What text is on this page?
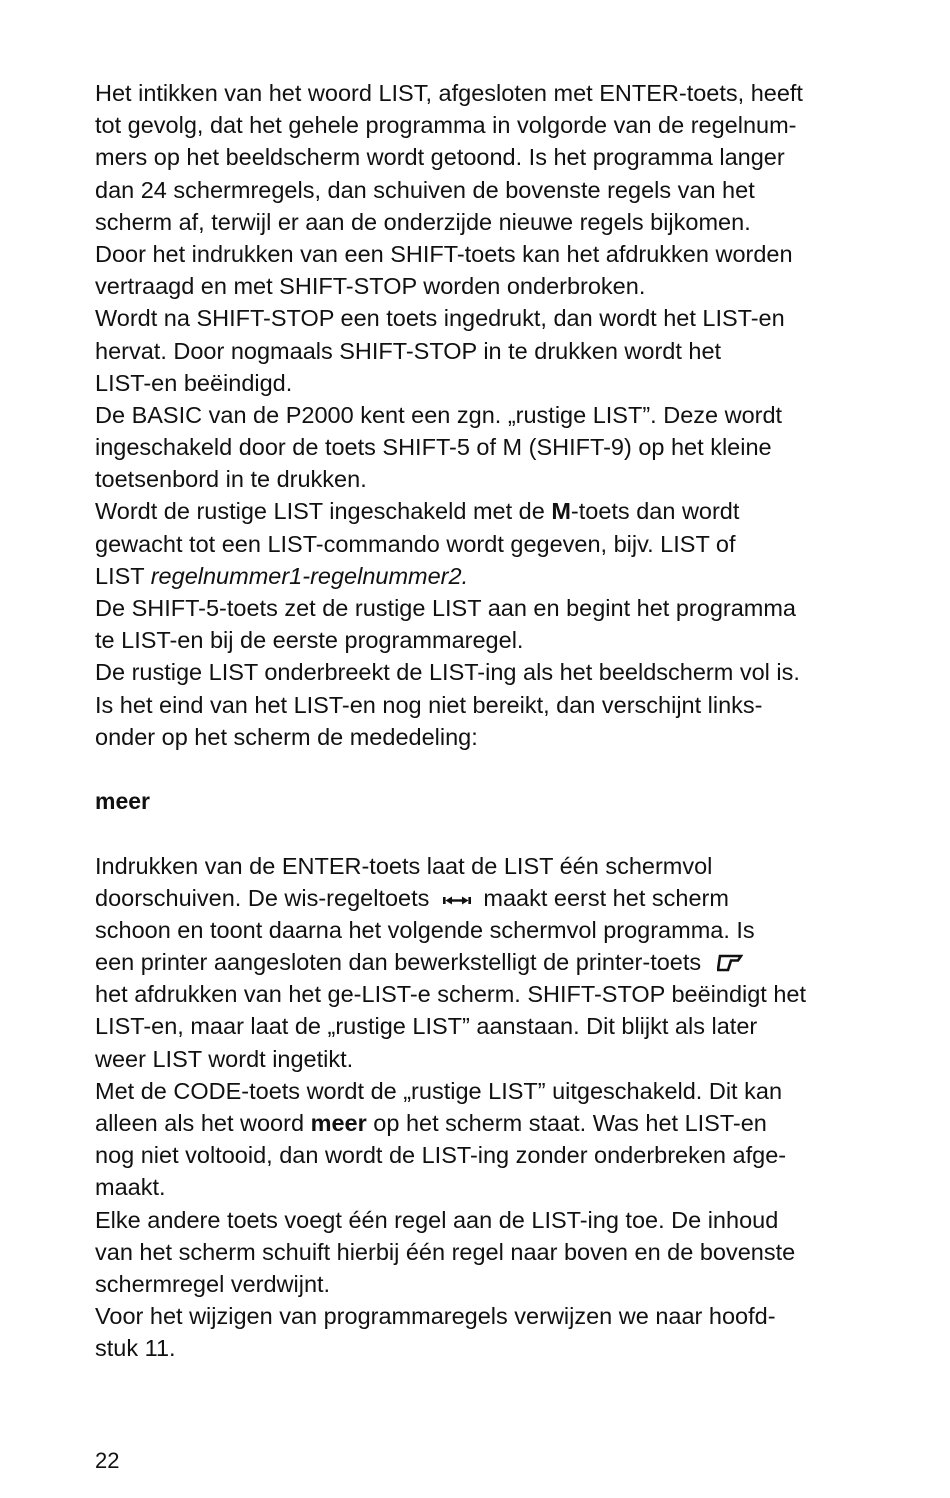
Het intikken van het woord LIST, afgesloten met ENTER-toets, heeft
tot gevolg, dat het gehele programma in volgorde van de regelnum-
mers op het beeldscherm wordt getoond. Is het programma langer
dan 24 schermregels, dan schuiven de bovenste regels van het
scherm af, terwijl er aan de onderzijde nieuwe regels bijkomen.
Door het indrukken van een SHIFT-toets kan het afdrukken worden
vertraagd en met SHIFT-STOP worden onderbroken.
Wordt na SHIFT-STOP een toets ingedrukt, dan wordt het LIST-en
hervat. Door nogmaals SHIFT-STOP in te drukken wordt het
LIST-en beëindigd.
De BASIC van de P2000 kent een zgn. „rustige LIST”. Deze wordt
ingeschakeld door de toets SHIFT-5 of M (SHIFT-9) op het kleine
toetsenbord in te drukken.
Wordt de rustige LIST ingeschakeld met de M-toets dan wordt
gewacht tot een LIST-commando wordt gegeven, bijv. LIST of
LIST regelnummer1-regelnummer2.
De SHIFT-5-toets zet de rustige LIST aan en begint het programma
te LIST-en bij de eerste programmaregel.
De rustige LIST onderbreekt de LIST-ing als het beeldscherm vol is.
Is het eind van het LIST-en nog niet bereikt, dan verschijnt links-
onder op het scherm de mededeling:
meer
Indrukken van de ENTER-toets laat de LIST één schermvol
doorschuiven. De wis-regeltoets maakt eerst het scherm
schoon en toont daarna het volgende schermvol programma. Is
een printer aangesloten dan bewerkstelligt de printer-toets
het afdrukken van het ge-LIST-e scherm. SHIFT-STOP beëindigt het
LIST-en, maar laat de „rustige LIST” aanstaan. Dit blijkt als later
weer LIST wordt ingetikt.
Met de CODE-toets wordt de „rustige LIST” uitgeschakeld. Dit kan
alleen als het woord meer op het scherm staat. Was het LIST-en
nog niet voltooid, dan wordt de LIST-ing zonder onderbreken afge-
maakt.
Elke andere toets voegt één regel aan de LIST-ing toe. De inhoud
van het scherm schuift hierbij één regel naar boven en de bovenste
schermregel verdwijnt.
Voor het wijzigen van programmaregels verwijzen we naar hoofd-
stuk 11.
22
